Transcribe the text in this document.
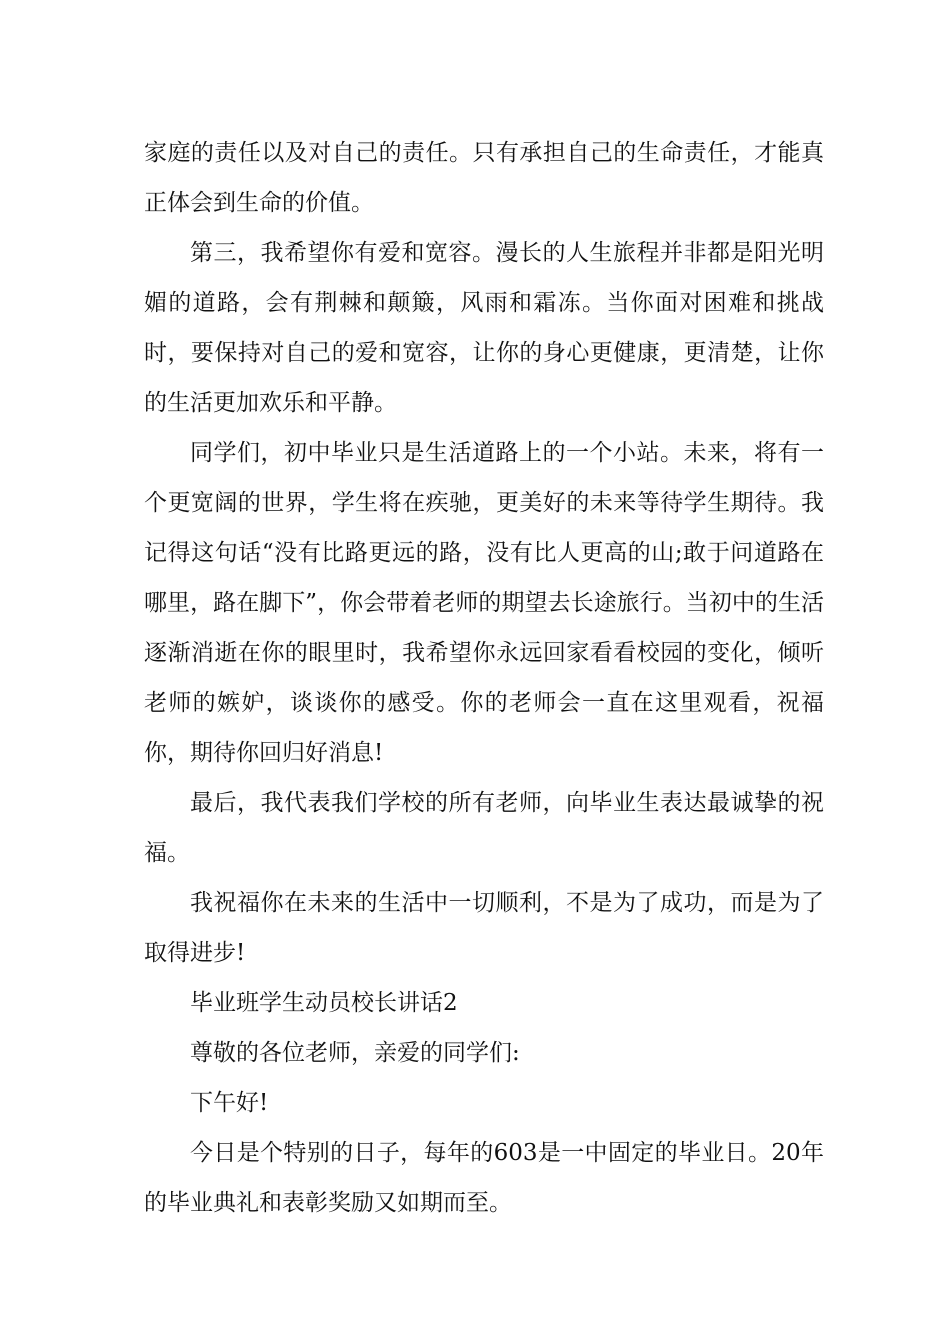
家庭的责任以及对自己的责任。只有承担自己的生命责任，才能真正体会到生命的价值。

第三，我希望你有爱和宽容。漫长的人生旅程并非都是阳光明媚的道路，会有荆棘和颠簸，风雨和霜冻。当你面对困难和挑战时，要保持对自己的爱和宽容，让你的身心更健康，更清楚，让你的生活更加欢乐和平静。

同学们，初中毕业只是生活道路上的一个小站。未来，将有一个更宽阔的世界，学生将在疾驰，更美好的未来等待学生期待。我记得这句话“没有比路更远的路，没有比人更高的山;敢于问道路在哪里，路在脚下”，你会带着老师的期望去长途旅行。当初中的生活逐渐消逝在你的眼里时，我希望你永远回家看看校园的变化，倾听老师的嫉妒，谈谈你的感受。你的老师会一直在这里观看，祝福你，期待你回归好消息!

最后，我代表我们学校的所有老师，向毕业生表达最诚挚的祝福。

我祝福你在未来的生活中一切顺利，不是为了成功，而是为了取得进步!

毕业班学生动员校长讲话2

尊敬的各位老师，亲爱的同学们:

下午好!

今日是个特别的日子，每年的603是一中固定的毕业日。20年的毕业典礼和表彰奖励又如期而至。
